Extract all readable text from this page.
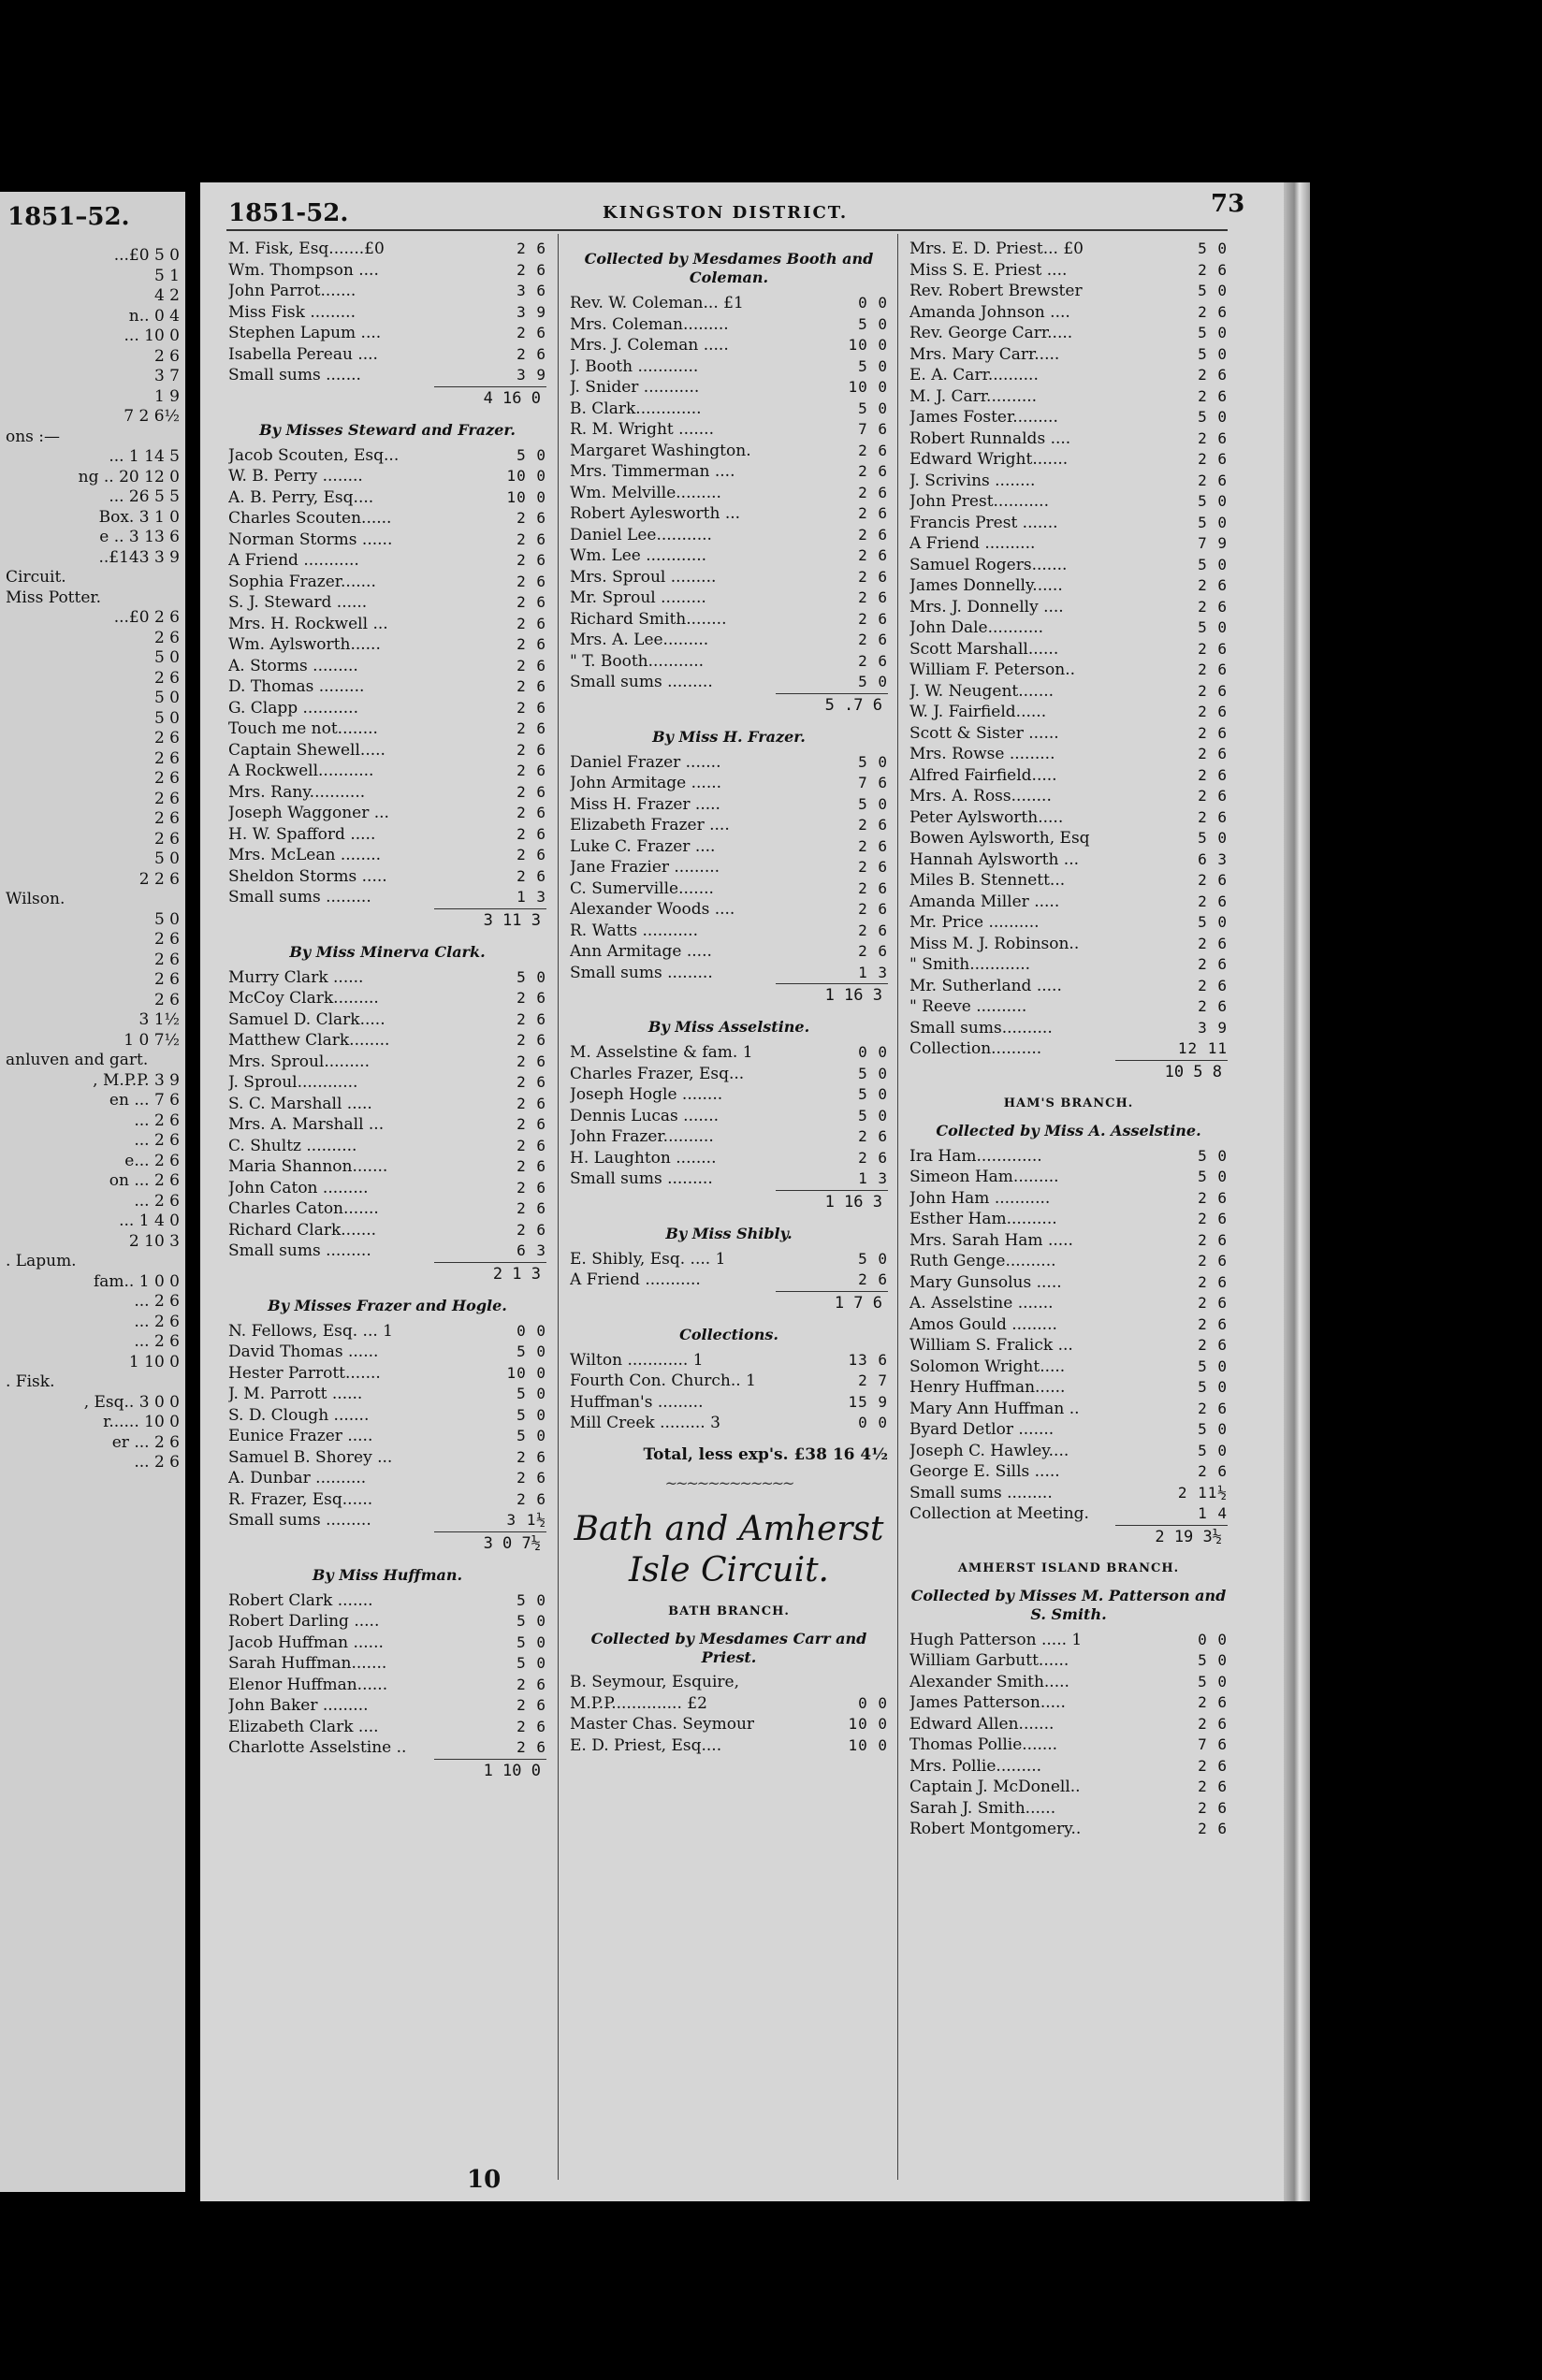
1851–52.
...£0 5 0
5 1
4 2
n.. 0 4
... 10 0
2 6
3 7
1 9
7 2 6½
ons :—
... 1 14 5
ng .. 20 12 0
... 26 5 5
Box. 3 1 0
e .. 3 13 6
..£143 3 9
Circuit.
Miss Potter.
...£0 2 6
2 6
5 0
2 6
5 0
5 0
2 6
2 6
2 6
2 6
2 6
2 6
5 0
2 2 6
Wilson.
5 0
2 6
2 6
2 6
2 6
3 1½
1 0 7½
anluven and gart.
, M.P.P. 3 9
en ... 7 6
... 2 6
... 2 6
e... 2 6
on ... 2 6
... 2 6
... 1 4 0
2 10 3
. Lapum.
fam.. 1 0 0
... 2 6
... 2 6
... 2 6
1 10 0
. Fisk.
, Esq.. 3 0 0
r...... 10 0
er ... 2 6
... 2 6
1851-52.	KINGSTON DISTRICT.	73
M. Fisk, Esq.......£0	2 6
Wm. Thompson ....	2 6
John Parrot.......	3 6
Miss Fisk .........	3 9
Stephen Lapum ....	2 6
Isabella Pereau ....	2 6
Small sums .......	3 9
4 16 0
By Misses Steward and Frazer.
Jacob Scouten, Esq...	5 0
W. B. Perry ........	10 0
A. B. Perry, Esq....	10 0
Charles Scouten......	2 6
Norman Storms ......	2 6
A Friend ...........	2 6
Sophia Frazer.......	2 6
S. J. Steward ......	2 6
Mrs. H. Rockwell ...	2 6
Wm. Aylsworth......	2 6
A. Storms .........	2 6
D. Thomas .........	2 6
G. Clapp ...........	2 6
Touch me not........	2 6
Captain Shewell.....	2 6
A Rockwell...........	2 6
Mrs. Rany...........	2 6
Joseph Waggoner ...	2 6
H. W. Spafford .....	2 6
Mrs. McLean ........	2 6
Sheldon Storms .....	2 6
Small sums .........	1 3
3 11 3
By Miss Minerva Clark.
Murry Clark ......	5 0
McCoy Clark.........	2 6
Samuel D. Clark.....	2 6
Matthew Clark........	2 6
Mrs. Sproul.........	2 6
J. Sproul............	2 6
S. C. Marshall .....	2 6
Mrs. A. Marshall ...	2 6
C. Shultz ..........	2 6
Maria Shannon.......	2 6
John Caton .........	2 6
Charles Caton.......	2 6
Richard Clark.......	2 6
Small sums .........	6 3
2 1 3
By Misses Frazer and Hogle.
N. Fellows, Esq. ... 1	0 0
David Thomas ......	5 0
Hester Parrott.......	10 0
J. M. Parrott ......	5 0
S. D. Clough .......	5 0
Eunice Frazer .....	5 0
Samuel B. Shorey ...	2 6
A. Dunbar ..........	2 6
R. Frazer, Esq......	2 6
Small sums .........	3 1½
3 0 7½
By Miss Huffman.
Robert Clark .......	5 0
Robert Darling .....	5 0
Jacob Huffman ......	5 0
Sarah Huffman.......	5 0
Elenor Huffman......	2 6
John Baker .........	2 6
Elizabeth Clark ....	2 6
Charlotte Asselstine ..	2 6
1 10 0
Collected by Mesdames Booth and Coleman.
Rev. W. Coleman... £1	0 0
Mrs. Coleman.........	5 0
Mrs. J. Coleman .....	10 0
J. Booth ............	5 0
J. Snider ...........	10 0
B. Clark.............	5 0
R. M. Wright .......	7 6
Margaret Washington.	2 6
Mrs. Timmerman ....	2 6
Wm. Melville.........	2 6
Robert Aylesworth ...	2 6
Daniel Lee...........	2 6
Wm. Lee ............	2 6
Mrs. Sproul .........	2 6
Mr. Sproul .........	2 6
Richard Smith........	2 6
Mrs. A. Lee.........	2 6
" T. Booth...........	2 6
Small sums .........	5 0
5 .7 6
By Miss H. Frazer.
Daniel Frazer .......	5 0
John Armitage ......	7 6
Miss H. Frazer .....	5 0
Elizabeth Frazer ....	2 6
Luke C. Frazer ....	2 6
Jane Frazier .........	2 6
C. Sumerville.......	2 6
Alexander Woods ....	2 6
R. Watts ...........	2 6
Ann Armitage .....	2 6
Small sums .........	1 3
1 16 3
By Miss Asselstine.
M. Asselstine & fam. 1	0 0
Charles Frazer, Esq...	5 0
Joseph Hogle ........	5 0
Dennis Lucas .......	5 0
John Frazer..........	2 6
H. Laughton ........	2 6
Small sums .........	1 3
1 16 3
By Miss Shibly.
E. Shibly, Esq. .... 1	5 0
A Friend ...........	2 6
1 7 6
Collections.
Wilton ............ 1	13 6
Fourth Con. Church.. 1	2 7
Huffman's .........	15 9
Mill Creek ......... 3	0 0
Total, less exp's. £38 16 4½
~~~~~~~~~~~~
Bath and Amherst Isle Circuit.
BATH BRANCH.
Collected by Mesdames Carr and Priest.
B. Seymour, Esquire,
M.P.P.............. £2	0 0
Master Chas. Seymour	10 0
E. D. Priest, Esq....	10 0
Mrs. E. D. Priest... £0	5 0
Miss S. E. Priest ....	2 6
Rev. Robert Brewster	5 0
Amanda Johnson ....	2 6
Rev. George Carr.....	5 0
Mrs. Mary Carr.....	5 0
E. A. Carr..........	2 6
M. J. Carr..........	2 6
James Foster.........	5 0
Robert Runnalds ....	2 6
Edward Wright.......	2 6
J. Scrivins ........	2 6
John Prest...........	5 0
Francis Prest .......	5 0
A Friend ..........	7 9
Samuel Rogers.......	5 0
James Donnelly......	2 6
Mrs. J. Donnelly ....	2 6
John Dale...........	5 0
Scott Marshall......	2 6
William F. Peterson..	2 6
J. W. Neugent.......	2 6
W. J. Fairfield......	2 6
Scott & Sister ......	2 6
Mrs. Rowse .........	2 6
Alfred Fairfield.....	2 6
Mrs. A. Ross........	2 6
Peter Aylsworth.....	2 6
Bowen Aylsworth, Esq	5 0
Hannah Aylsworth ...	6 3
Miles B. Stennett...	2 6
Amanda Miller .....	2 6
Mr. Price ..........	5 0
Miss M. J. Robinson..	2 6
" Smith............	2 6
Mr. Sutherland .....	2 6
" Reeve ..........	2 6
Small sums..........	3 9
Collection..........	12 11
10 5 8
HAM'S BRANCH.
Collected by Miss A. Asselstine.
Ira Ham.............	5 0
Simeon Ham.........	5 0
John Ham ...........	2 6
Esther Ham..........	2 6
Mrs. Sarah Ham .....	2 6
Ruth Genge..........	2 6
Mary Gunsolus .....	2 6
A. Asselstine .......	2 6
Amos Gould .........	2 6
William S. Fralick ...	2 6
Solomon Wright.....	5 0
Henry Huffman......	5 0
Mary Ann Huffman ..	2 6
Byard Detlor .......	5 0
Joseph C. Hawley....	5 0
George E. Sills .....	2 6
Small sums .........	2 11½
Collection at Meeting.	1 4
2 19 3½
AMHERST ISLAND BRANCH.
Collected by Misses M. Patterson and S. Smith.
Hugh Patterson ..... 1	0 0
William Garbutt......	5 0
Alexander Smith.....	5 0
James Patterson.....	2 6
Edward Allen.......	2 6
Thomas Pollie.......	7 6
Mrs. Pollie.........	2 6
Captain J. McDonell..	2 6
Sarah J. Smith......	2 6
Robert Montgomery..	2 6
10
